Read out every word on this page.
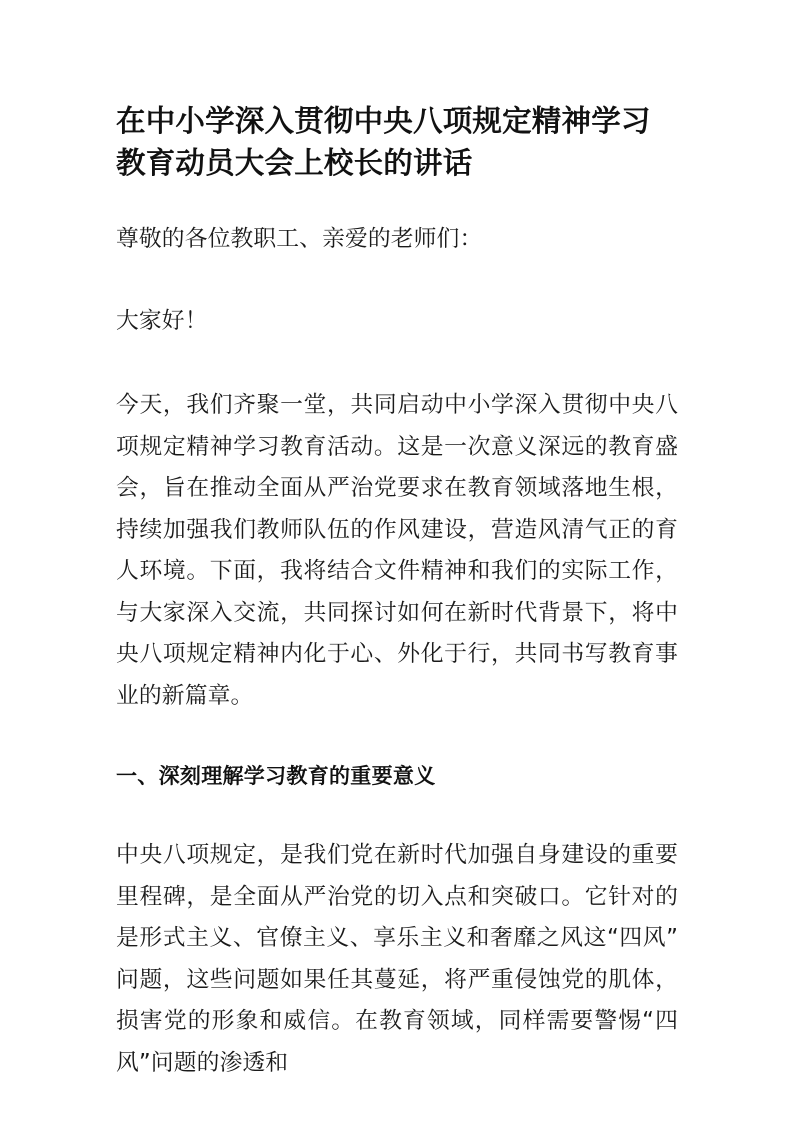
在中小学深入贯彻中央八项规定精神学习教育动员大会上校长的讲话

尊敬的各位教职工、亲爱的老师们：

大家好！

今天，我们齐聚一堂，共同启动中小学深入贯彻中央八项规定精神学习教育活动。这是一次意义深远的教育盛会，旨在推动全面从严治党要求在教育领域落地生根，持续加强我们教师队伍的作风建设，营造风清气正的育人环境。下面，我将结合文件精神和我们的实际工作，与大家深入交流，共同探讨如何在新时代背景下，将中央八项规定精神内化于心、外化于行，共同书写教育事业的新篇章。

一、深刻理解学习教育的重要意义

中央八项规定，是我们党在新时代加强自身建设的重要里程碑，是全面从严治党的切入点和突破口。它针对的是形式主义、官僚主义、享乐主义和奢靡之风这“四风”问题，这些问题如果任其蔓延，将严重侵蚀党的肌体，损害党的形象和威信。在教育领域，同样需要警惕“四风”问题的渗透和
